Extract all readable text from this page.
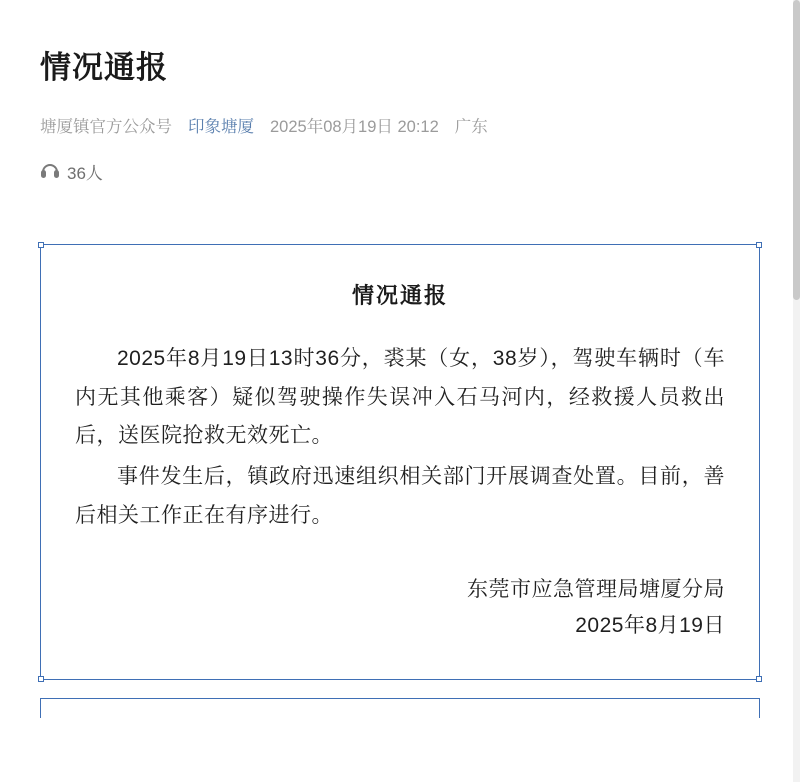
情况通报
塘厦镇官方公众号 印象塘厦 2025年08月19日 20:12 广东
36人
情况通报

2025年8月19日13时36分，裘某（女，38岁），驾驶车辆时（车内无其他乘客）疑似驾驶操作失误冲入石马河内，经救援人员救出后，送医院抢救无效死亡。

事件发生后，镇政府迅速组织相关部门开展调查处置。目前，善后相关工作正在有序进行。

东莞市应急管理局塘厦分局
2025年8月19日
